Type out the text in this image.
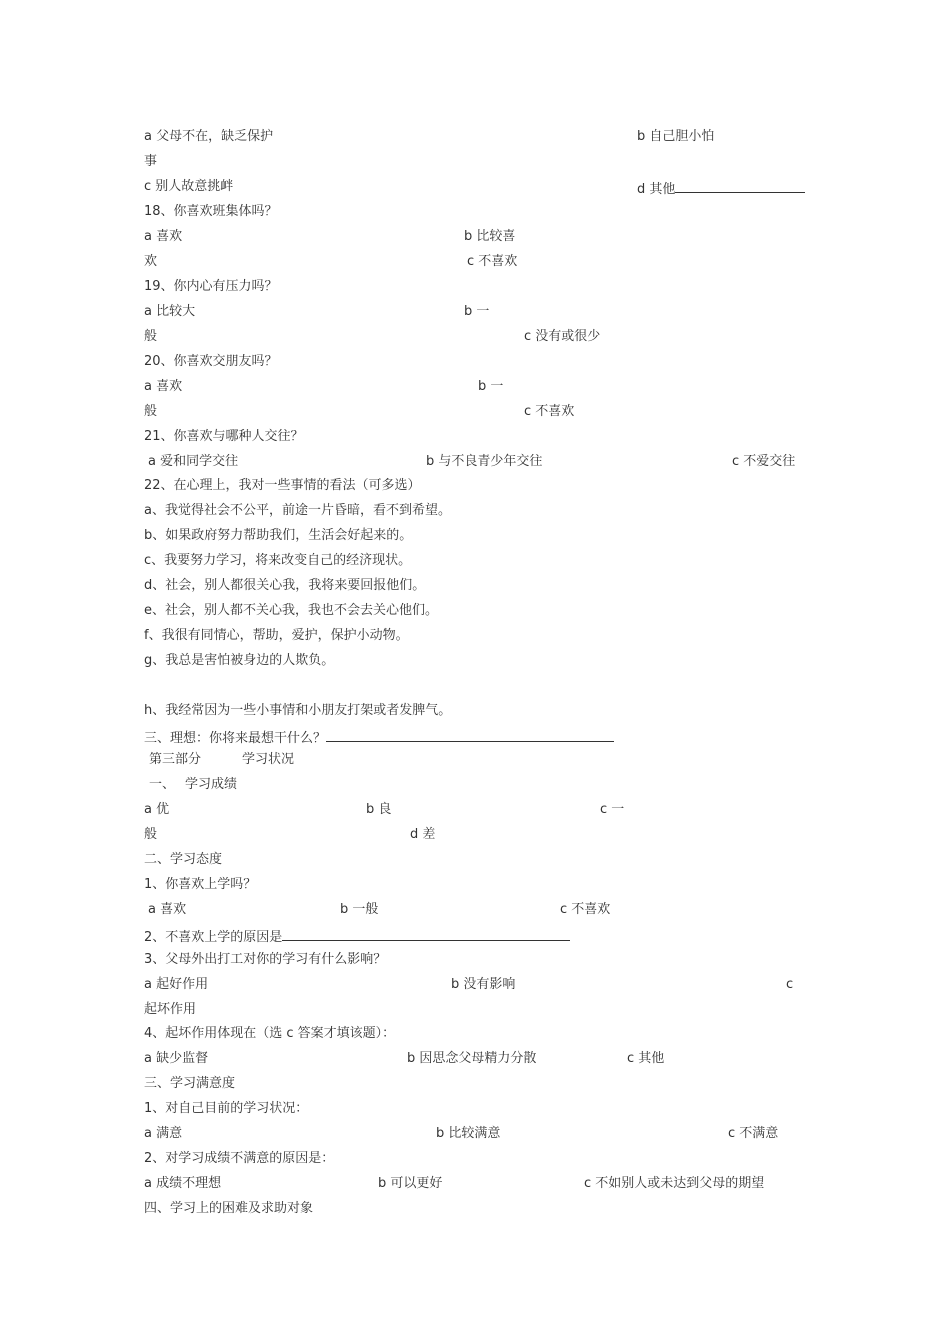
a 父母不在，缺乏保护	b 自己胆小怕
事
c 别人故意挑衅	d 其他
18、你喜欢班集体吗？
a 喜欢	b 比较喜
欢	c 不喜欢
19、你内心有压力吗？
a 比较大	b 一
般	c 没有或很少
20、你喜欢交朋友吗？
a 喜欢	b 一
般	c 不喜欢
21、你喜欢与哪种人交往？
a 爱和同学交往	b 与不良青少年交往	c 不爱交往
22、在心理上，我对一些事情的看法（可多选）
a、我觉得社会不公平，前途一片昏暗，看不到希望。
b、如果政府努力帮助我们，生活会好起来的。
c、我要努力学习，将来改变自己的经济现状。
d、社会，别人都很关心我，我将来要回报他们。
e、社会，别人都不关心我，我也不会去关心他们。
f、我很有同情心，帮助，爱护，保护小动物。
g、我总是害怕被身边的人欺负。
h、我经常因为一些小事情和小朋友打架或者发脾气。
三、理想：你将来最想干什么？
第三部分	学习状况
一、 学习成绩
a 优	b 良	c 一
般	d 差
二、学习态度
1、你喜欢上学吗？
a 喜欢	b 一般	c 不喜欢
2、不喜欢上学的原因是
3、父母外出打工对你的学习有什么影响？
a 起好作用	b 没有影响	c
起坏作用
4、起坏作用体现在（选 c 答案才填该题）：
a 缺少监督	b 因思念父母精力分散	c 其他
三、学习满意度
1、对自己目前的学习状况：
a 满意	b 比较满意	c 不满意
2、对学习成绩不满意的原因是：
a 成绩不理想	b 可以更好	c 不如别人或未达到父母的期望
四、学习上的困难及求助对象
